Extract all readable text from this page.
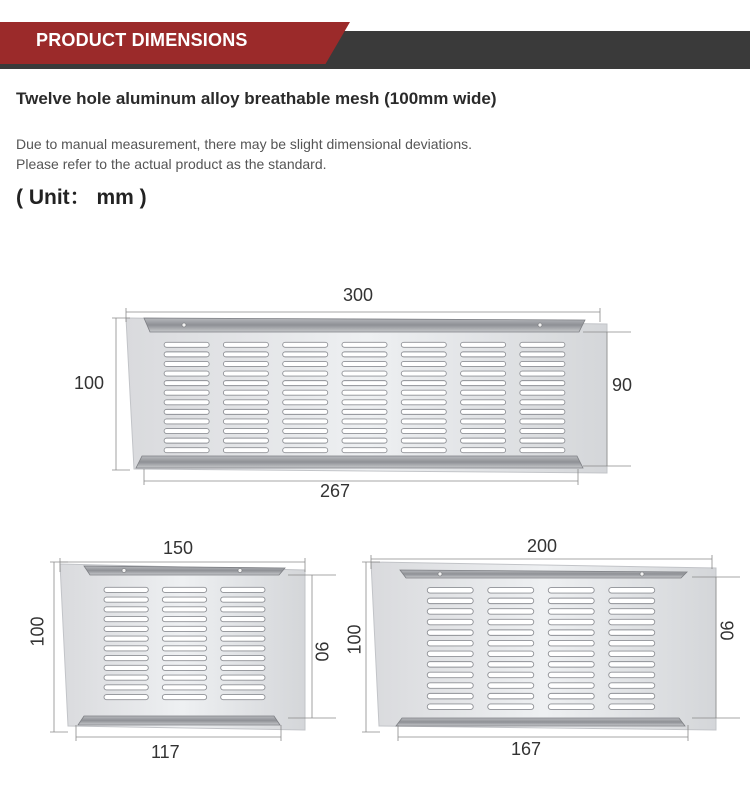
PRODUCT DIMENSIONS
Twelve hole aluminum alloy breathable mesh (100mm wide)
Due to manual measurement, there may be slight dimensional deviations.
Please refer to the actual product as the standard.
( Unit： mm )
300
100	90
267
150
100
90
117
200
100	90
167
